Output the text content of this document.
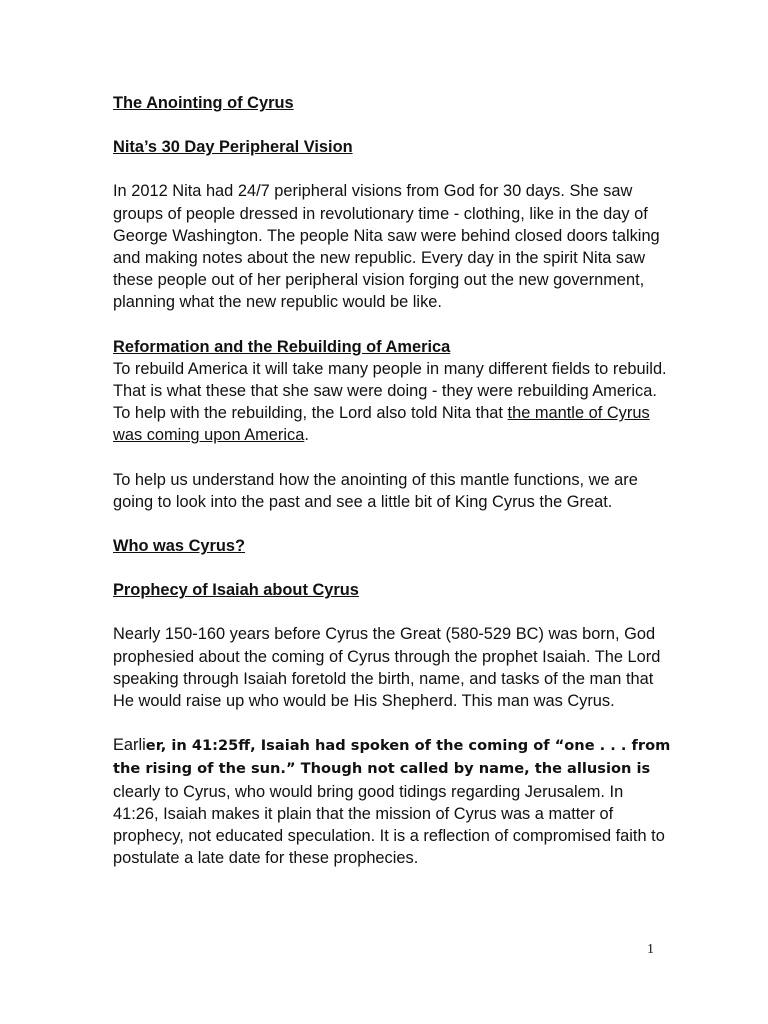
The Anointing of Cyrus

Nita’s 30 Day Peripheral Vision

In 2012 Nita had 24/7 peripheral visions from God for 30 days. She saw groups of people dressed in revolutionary time - clothing, like in the day of George Washington. The people Nita saw were behind closed doors talking and making notes about the new republic. Every day in the spirit Nita saw these people out of her peripheral vision forging out the new government, planning what the new republic would be like.

Reformation and the Rebuilding of America

To rebuild America it will take many people in many different fields to rebuild. That is what these that she saw were doing - they were rebuilding America. To help with the rebuilding, the Lord also told Nita that the mantle of Cyrus was coming upon America.

To help us understand how the anointing of this mantle functions, we are going to look into the past and see a little bit of King Cyrus the Great.

Who was Cyrus?

Prophecy of Isaiah about Cyrus

Nearly 150-160 years before Cyrus the Great (580-529 BC) was born, God prophesied about the coming of Cyrus through the prophet Isaiah. The Lord speaking through Isaiah foretold the birth, name, and tasks of the man that He would raise up who would be His Shepherd. This man was Cyrus.

Earlier, in 41:25ff, Isaiah had spoken of the coming of “one . . . from the rising of the sun.” Though not called by name, the allusion is clearly to Cyrus, who would bring good tidings regarding Jerusalem. In 41:26, Isaiah makes it plain that the mission of Cyrus was a matter of prophecy, not educated speculation. It is a reflection of compromised faith to postulate a late date for these prophecies.

1
